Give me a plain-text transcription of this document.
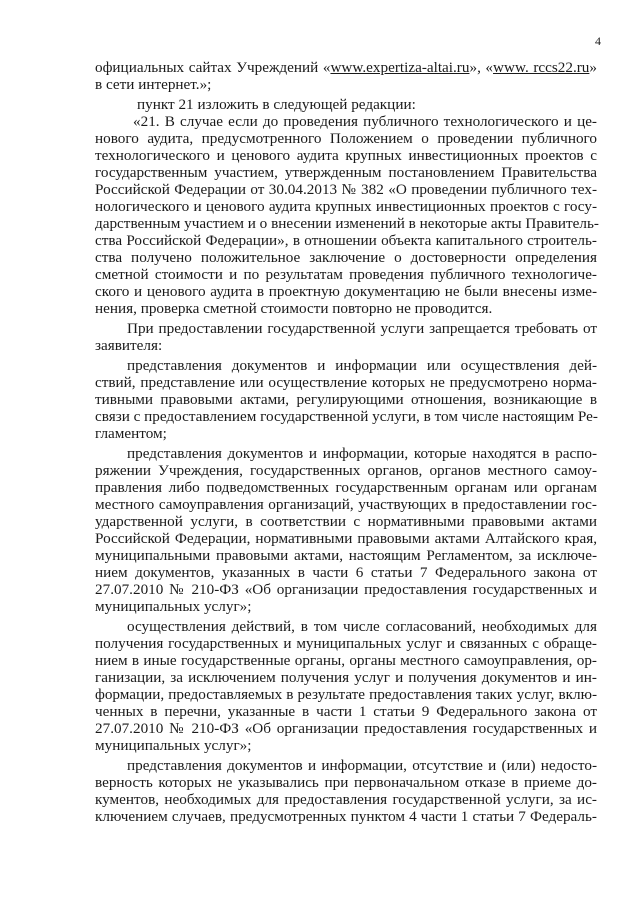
4
официальных сайтах Учреждений «www.expertiza-altai.ru», «www. rccs22.ru»
в сети интернет.»;
пункт 21 изложить в следующей редакции:
«21. В случае если до проведения публичного технологического и це-
нового аудита, предусмотренного Положением о проведении публичного
технологического и ценового аудита крупных инвестиционных проектов с
государственным участием, утвержденным постановлением Правительства
Российской Федерации от 30.04.2013 № 382 «О проведении публичного тех-
нологического и ценового аудита крупных инвестиционных проектов с госу-
дарственным участием и о внесении изменений в некоторые акты Правитель-
ства Российской Федерации», в отношении объекта капитального строитель-
ства получено положительное заключение о достоверности определения
сметной стоимости и по результатам проведения публичного технологиче-
ского и ценового аудита в проектную документацию не были внесены изме-
нения, проверка сметной стоимости повторно не проводится.
При предоставлении государственной услуги запрещается требовать от
заявителя:
представления документов и информации или осуществления дей-
ствий, представление или осуществление которых не предусмотрено норма-
тивными правовыми актами, регулирующими отношения, возникающие в
связи с предоставлением государственной услуги, в том числе настоящим Ре-
гламентом;
представления документов и информации, которые находятся в распо-
ряжении Учреждения, государственных органов, органов местного самоу-
правления либо подведомственных государственным органам или органам
местного самоуправления организаций, участвующих в предоставлении гос-
ударственной услуги, в соответствии с нормативными правовыми актами
Российской Федерации, нормативными правовыми актами Алтайского края,
муниципальными правовыми актами, настоящим Регламентом, за исключе-
нием документов, указанных в части 6 статьи 7 Федерального закона от
27.07.2010 № 210-ФЗ «Об организации предоставления государственных и
муниципальных услуг»;
осуществления действий, в том числе согласований, необходимых для
получения государственных и муниципальных услуг и связанных с обраще-
нием в иные государственные органы, органы местного самоуправления, ор-
ганизации, за исключением получения услуг и получения документов и ин-
формации, предоставляемых в результате предоставления таких услуг, вклю-
ченных в перечни, указанные в части 1 статьи 9 Федерального закона от
27.07.2010 № 210-ФЗ «Об организации предоставления государственных и
муниципальных услуг»;
представления документов и информации, отсутствие и (или) недосто-
верность которых не указывались при первоначальном отказе в приеме до-
кументов, необходимых для предоставления государственной услуги, за ис-
ключением случаев, предусмотренных пунктом 4 части 1 статьи 7 Федераль-
